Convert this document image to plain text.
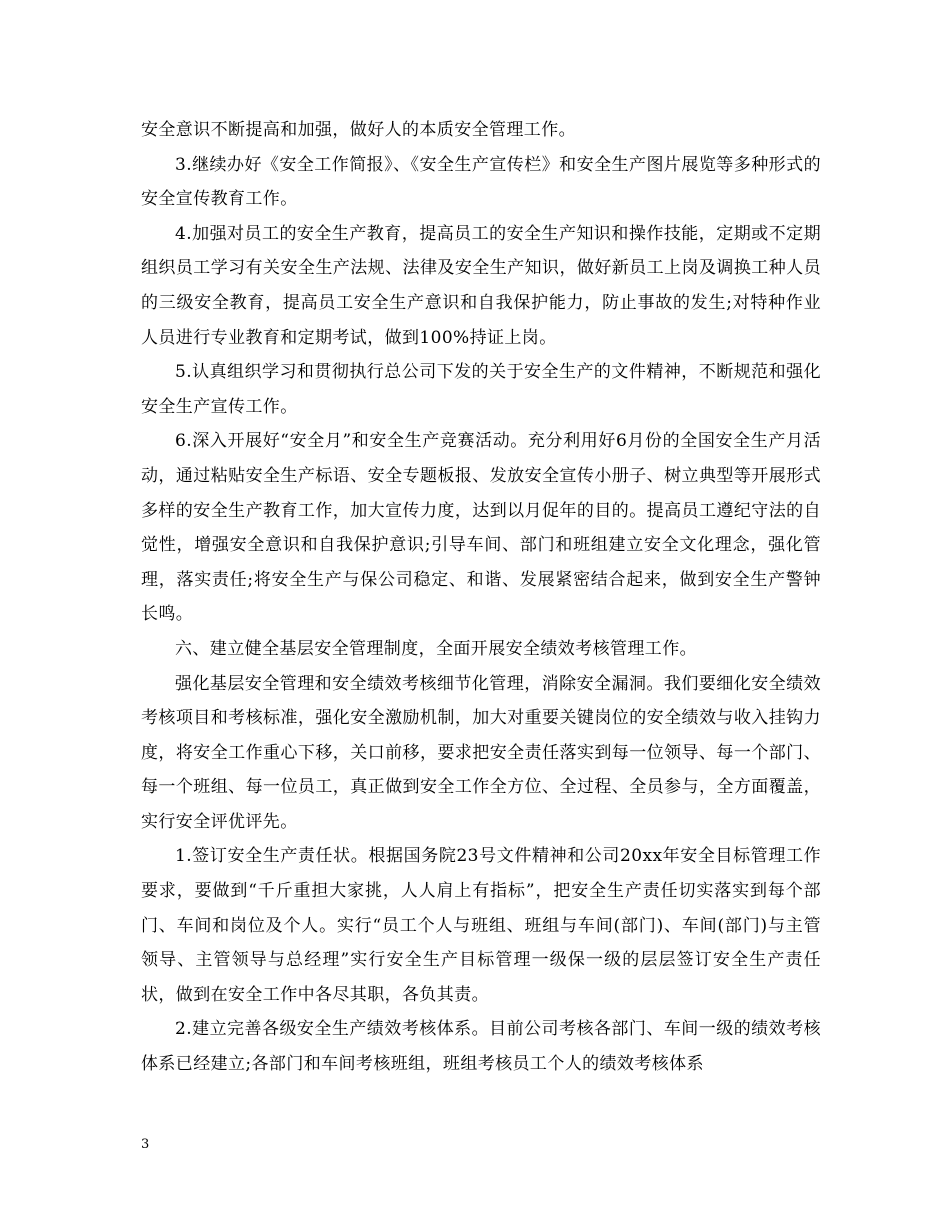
安全意识不断提高和加强，做好人的本质安全管理工作。

3.继续办好《安全工作简报》、《安全生产宣传栏》和安全生产图片展览等多种形式的安全宣传教育工作。

4.加强对员工的安全生产教育，提高员工的安全生产知识和操作技能，定期或不定期组织员工学习有关安全生产法规、法律及安全生产知识，做好新员工上岗及调换工种人员的三级安全教育，提高员工安全生产意识和自我保护能力，防止事故的发生;对特种作业人员进行专业教育和定期考试，做到100%持证上岗。

5.认真组织学习和贯彻执行总公司下发的关于安全生产的文件精神，不断规范和强化安全生产宣传工作。

6.深入开展好“安全月”和安全生产竞赛活动。充分利用好6月份的全国安全生产月活动，通过粘贴安全生产标语、安全专题板报、发放安全宣传小册子、树立典型等开展形式多样的安全生产教育工作，加大宣传力度，达到以月促年的目的。提高员工遵纪守法的自觉性，增强安全意识和自我保护意识;引导车间、部门和班组建立安全文化理念，强化管理，落实责任;将安全生产与保公司稳定、和谐、发展紧密结合起来，做到安全生产警钟长鸣。

六、建立健全基层安全管理制度，全面开展安全绩效考核管理工作。

强化基层安全管理和安全绩效考核细节化管理，消除安全漏洞。我们要细化安全绩效考核项目和考核标准，强化安全激励机制，加大对重要关键岗位的安全绩效与收入挂钩力度，将安全工作重心下移，关口前移，要求把安全责任落实到每一位领导、每一个部门、每一个班组、每一位员工，真正做到安全工作全方位、全过程、全员参与，全方面覆盖，实行安全评优评先。

1.签订安全生产责任状。根据国务院23号文件精神和公司20xx年安全目标管理工作要求，要做到“千斤重担大家挑，人人肩上有指标”，把安全生产责任切实落实到每个部门、车间和岗位及个人。实行“员工个人与班组、班组与车间(部门)、车间(部门)与主管领导、主管领导与总经理”实行安全生产目标管理一级保一级的层层签订安全生产责任状，做到在安全工作中各尽其职，各负其责。

2.建立完善各级安全生产绩效考核体系。目前公司考核各部门、车间一级的绩效考核体系已经建立;各部门和车间考核班组，班组考核员工个人的绩效考核体系

3
